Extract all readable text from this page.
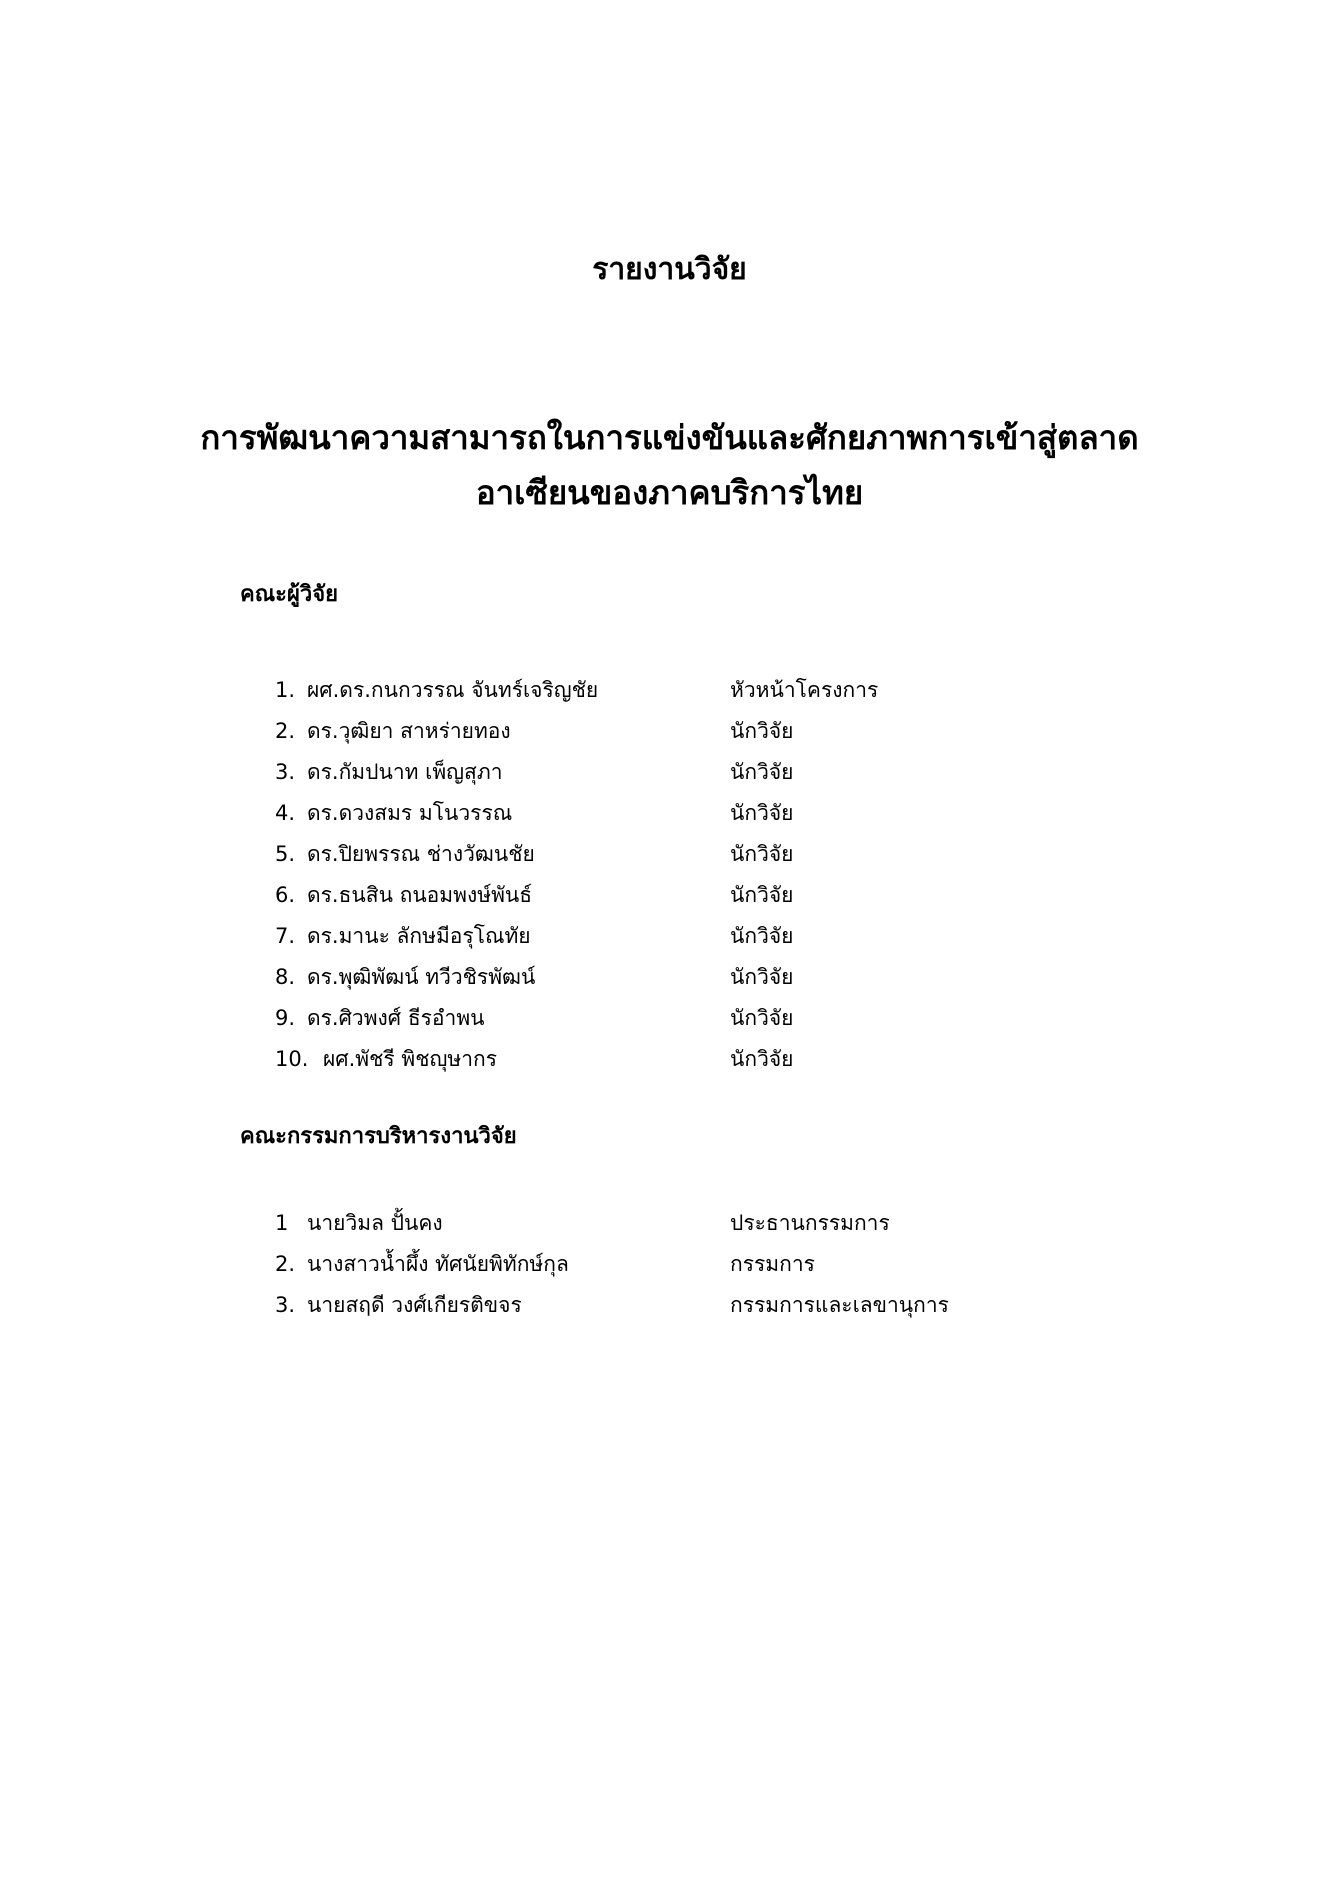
รายงานวิจัย
การพัฒนาความสามารถในการแข่งขันและศักยภาพการเข้าสู่ตลาด
อาเซียนของภาคบริการไทย
คณะผู้วิจัย
1. ผศ.ดร.กนกวรรณ จันทร์เจริญชัย	หัวหน้าโครงการ
2. ดร.วุฒิยา สาหร่ายทอง	นักวิจัย
3. ดร.กัมปนาท เพ็ญสุภา	นักวิจัย
4. ดร.ดวงสมร มโนวรรณ	นักวิจัย
5. ดร.ปิยพรรณ ช่างวัฒนชัย	นักวิจัย
6. ดร.ธนสิน ถนอมพงษ์พันธ์	นักวิจัย
7. ดร.มานะ ลักษมีอรุโณทัย	นักวิจัย
8. ดร.พุฒิพัฒน์ ทวีวชิรพัฒน์	นักวิจัย
9. ดร.ศิวพงศ์ ธีรอำพน	นักวิจัย
10. ผศ.พัชรี พิชญุษากร	นักวิจัย
คณะกรรมการบริหารงานวิจัย
1 นายวิมล ปั้นคง	ประธานกรรมการ
2. นางสาวน้ำผึ้ง ทัศนัยพิทักษ์กุล	กรรมการ
3. นายสฤดี วงศ์เกียรติขจร	กรรมการและเลขานุการ
